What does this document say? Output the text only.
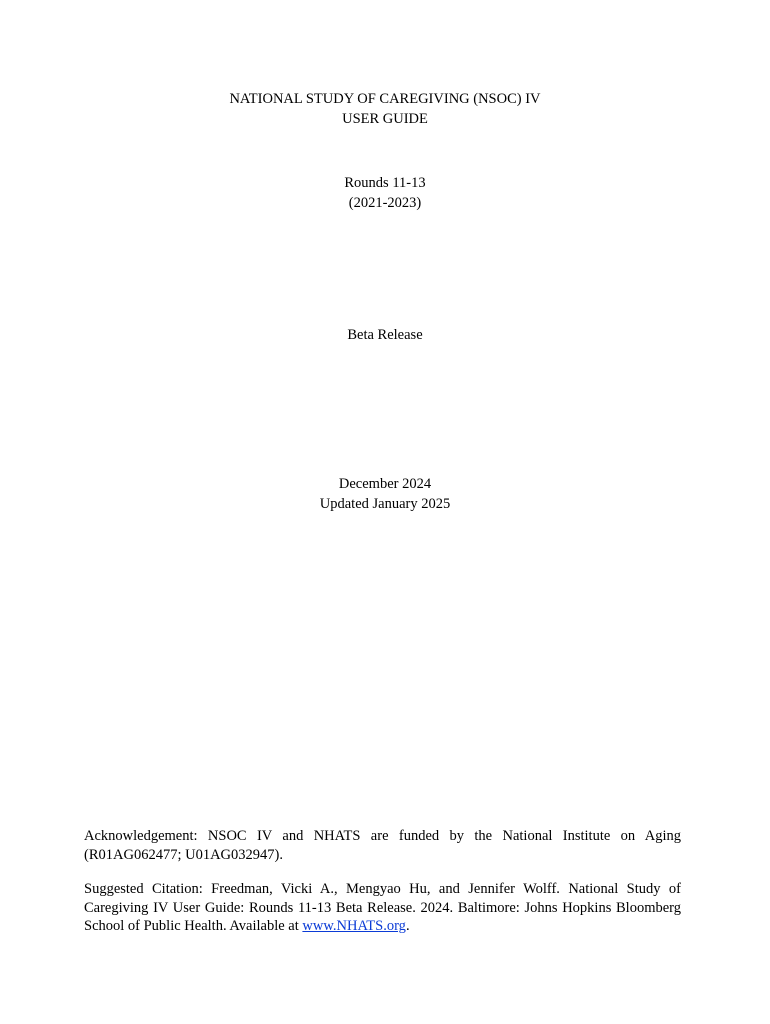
NATIONAL STUDY OF CAREGIVING (NSOC) IV
USER GUIDE
Rounds 11-13
(2021-2023)
Beta Release
December 2024
Updated January 2025
Acknowledgement: NSOC IV and NHATS are funded by the National Institute on Aging (R01AG062477; U01AG032947).
Suggested Citation: Freedman, Vicki A., Mengyao Hu, and Jennifer Wolff. National Study of Caregiving IV User Guide: Rounds 11-13 Beta Release. 2024. Baltimore: Johns Hopkins Bloomberg School of Public Health. Available at www.NHATS.org.
